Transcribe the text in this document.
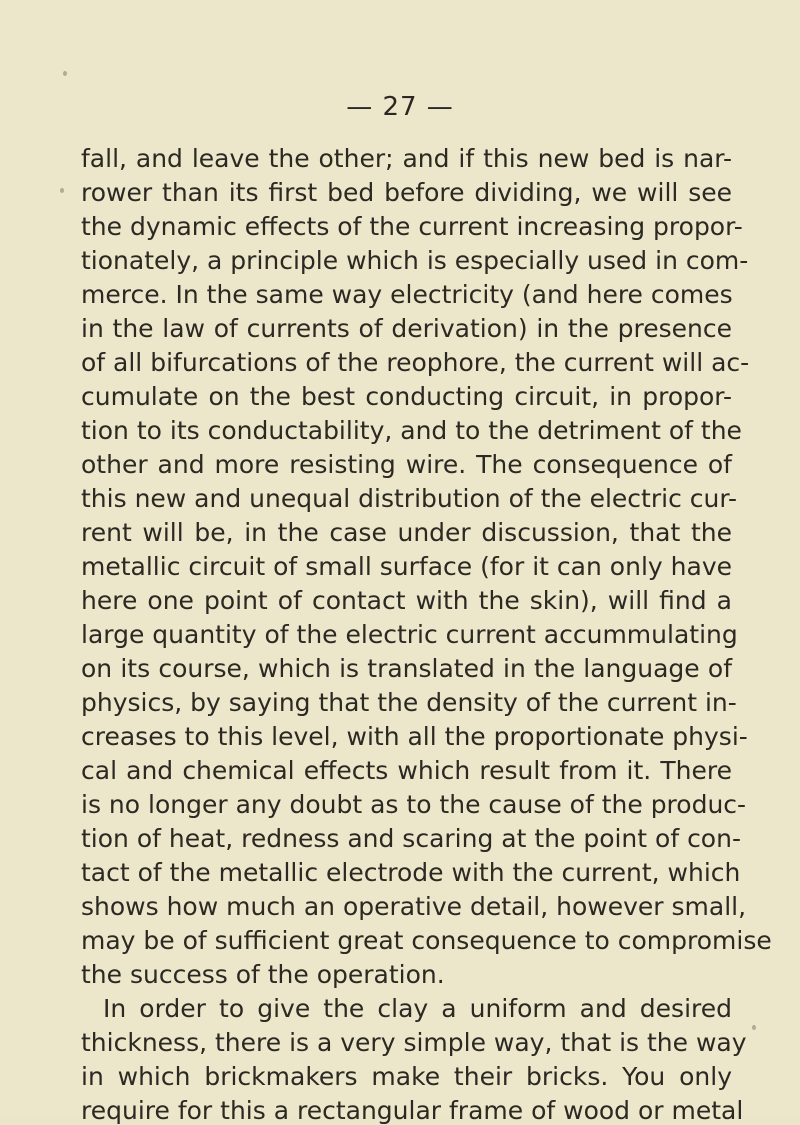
— 27 —
fall, and leave the other; and if this new bed is nar-
rower than its first bed before dividing, we will see
the dynamic effects of the current increasing propor-
tionately, a principle which is especially used in com-
merce. In the same way electricity (and here comes
in the law of currents of derivation) in the presence
of all bifurcations of the reophore, the current will ac-
cumulate on the best conducting circuit, in propor-
tion to its conductability, and to the detriment of the
other and more resisting wire. The consequence of
this new and unequal distribution of the electric cur-
rent will be, in the case under discussion, that the
metallic circuit of small surface (for it can only have
here one point of contact with the skin), will find a
large quantity of the electric current accummulating
on its course, which is translated in the language of
physics, by saying that the density of the current in-
creases to this level, with all the proportionate physi-
cal and chemical effects which result from it. There
is no longer any doubt as to the cause of the produc-
tion of heat, redness and scaring at the point of con-
tact of the metallic electrode with the current, which
shows how much an operative detail, however small,
may be of sufficient great consequence to compromise
the success of the operation.
In order to give the clay a uniform and desired
thickness, there is a very simple way, that is the way
in which brickmakers make their bricks. You only
require for this a rectangular frame of wood or metal
